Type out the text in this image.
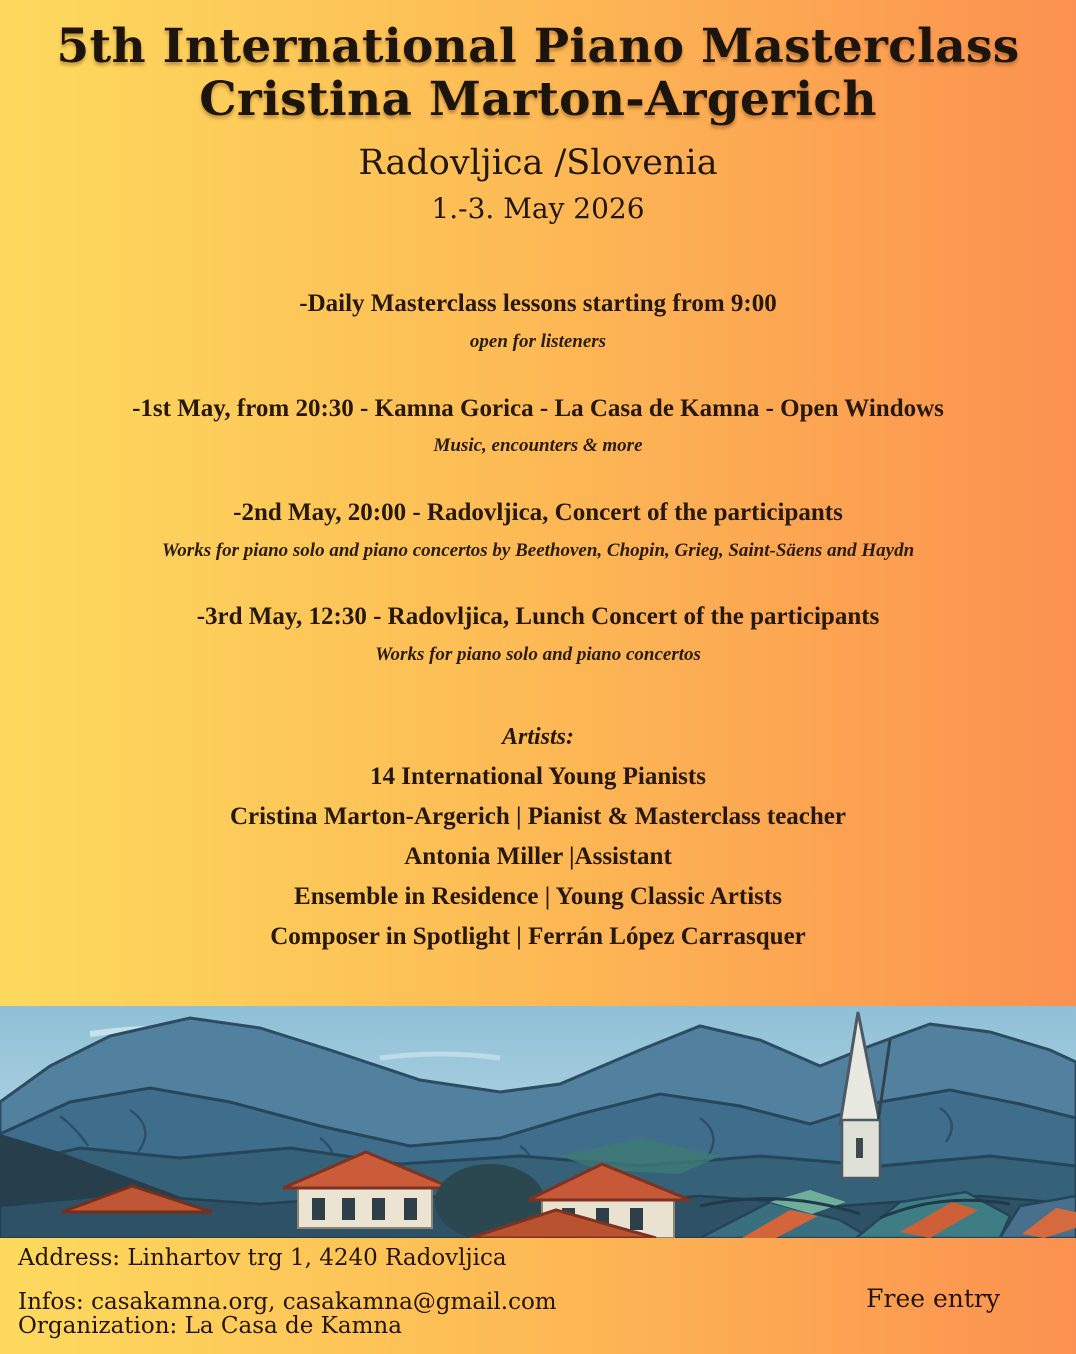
5th International Piano Masterclass
Cristina Marton-Argerich
Radovljica /Slovenia
1.-3. May 2026
-Daily Masterclass lessons starting from 9:00
open for listeners
-1st May, from 20:30 - Kamna Gorica - La Casa de Kamna - Open Windows
Music, encounters & more
-2nd May, 20:00 - Radovljica, Concert of the participants
Works for piano solo and piano concertos by Beethoven, Chopin, Grieg, Saint-Säens and Haydn
-3rd May, 12:30 - Radovljica, Lunch Concert of the participants
Works for piano solo and piano concertos
Artists:
14 International Young Pianists
Cristina Marton-Argerich | Pianist & Masterclass teacher
Antonia Miller |Assistant
Ensemble in Residence | Young Classic Artists
Composer in Spotlight | Ferrán López Carrasquer
Address: Linhartov trg 1, 4240 Radovljica
Infos: casakamna.org, casakamna@gmail.com
Organization: La Casa de Kamna
Free entry
